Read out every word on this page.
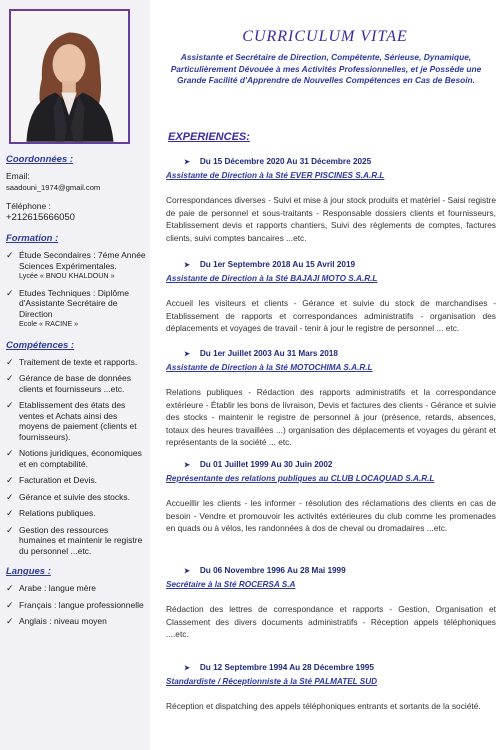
Coordonnées :
Email:
saadouni_1974@gmail.com
Téléphone :
+212615666050
Formation :
✓ Étude Secondaires : 7éme Année Sciences Expérimentales.
Lycée « BNOU KHALDOUN »
✓ Etudes Techniques : Diplôme d'Assistante Secrétaire de Direction
Ecole « RACINE »
Compétences :
✓ Traitement de texte et rapports.
✓ Gérance de base de données clients et fournisseurs ...etc.
✓ Etablissement des états des ventes et Achats ainsi des moyens de paiement (clients et fournisseurs).
✓ Notions juridiques, économiques et en comptabilité.
✓ Facturation et Devis.
✓ Gérance et suivie des stocks.
✓ Relations publiques.
✓ Gestion des ressources humaines et maintenir le registre du personnel ...etc.
Langues :
✓ Arabe : langue mère
✓ Français : langue professionnelle
✓ Anglais : niveau moyen
CURRICULUM VITAE
Assistante et Secrétaire de Direction, Compétente, Sérieuse, Dynamique, Particulièrement Dévouée à mes Activités Professionnelles, et je Possède une Grande Facilité d'Apprendre de Nouvelles Compétences en Cas de Besoin.
EXPERIENCES:
➤ Du 15 Décembre 2020 Au 31 Décembre 2025
Assistante de Direction à la Sté EVER PISCINES S.A.R.L
Correspondances diverses - Suivi et mise à jour stock produits et matériel - Saisi registre de paie de personnel et sous-traitants - Responsable dossiers clients et fournisseurs, Etablissement devis et rapports chantiers, Suivi des règlements de comptes, factures clients, suivi comptes bancaires ...etc.
➤ Du 1er Septembre 2018 Au 15 Avril 2019
Assistante de Direction à la Sté BAJAJI MOTO S.A.R.L
Accueil les visiteurs et clients - Gérance et suivie du stock de marchandises - Etablissement de rapports et correspondances administratifs - organisation des déplacements et voyages de travail - tenir à jour le registre de personnel ... etc.
➤ Du 1er Juillet 2003 Au 31 Mars 2018
Assistante de Direction à la Sté MOTOCHIMA S.A.R.L
Relations publiques - Rédaction des rapports administratifs et la correspondance extérieure - Établir les bons de livraison, Devis et factures des clients - Gérance et suivie des stocks - maintenir le registre de personnel à jour (présence, retards, absences, totaux des heures travaillées ...) organisation des déplacements et voyages du gérant et représentants de la société ... etc.
➤ Du 01 Juillet 1999 Au 30 Juin 2002
Représentante des relations publiques au CLUB LOCAQUAD S.A.R.L
Accueillir les clients - les informer - résolution des réclamations des clients en cas de besoin - Vendre et promouvoir les activités extérieures du club comme les promenades en quads ou à vélos, les randonnées à dos de cheval ou dromadaires ...etc.
➤ Du 06 Novembre 1996 Au 28 Mai 1999
Secrétaire à la Sté ROCERSA S.A
Rédaction des lettres de correspondance et rapports - Gestion, Organisation et Classement des divers documents administratifs - Réception appels téléphoniques ....etc.
➤ Du 12 Septembre 1994 Au 28 Décembre 1995
Standardiste / Réceptionniste à la Sté PALMATEL SUD
Réception et dispatching des appels téléphoniques entrants et sortants de la société.
